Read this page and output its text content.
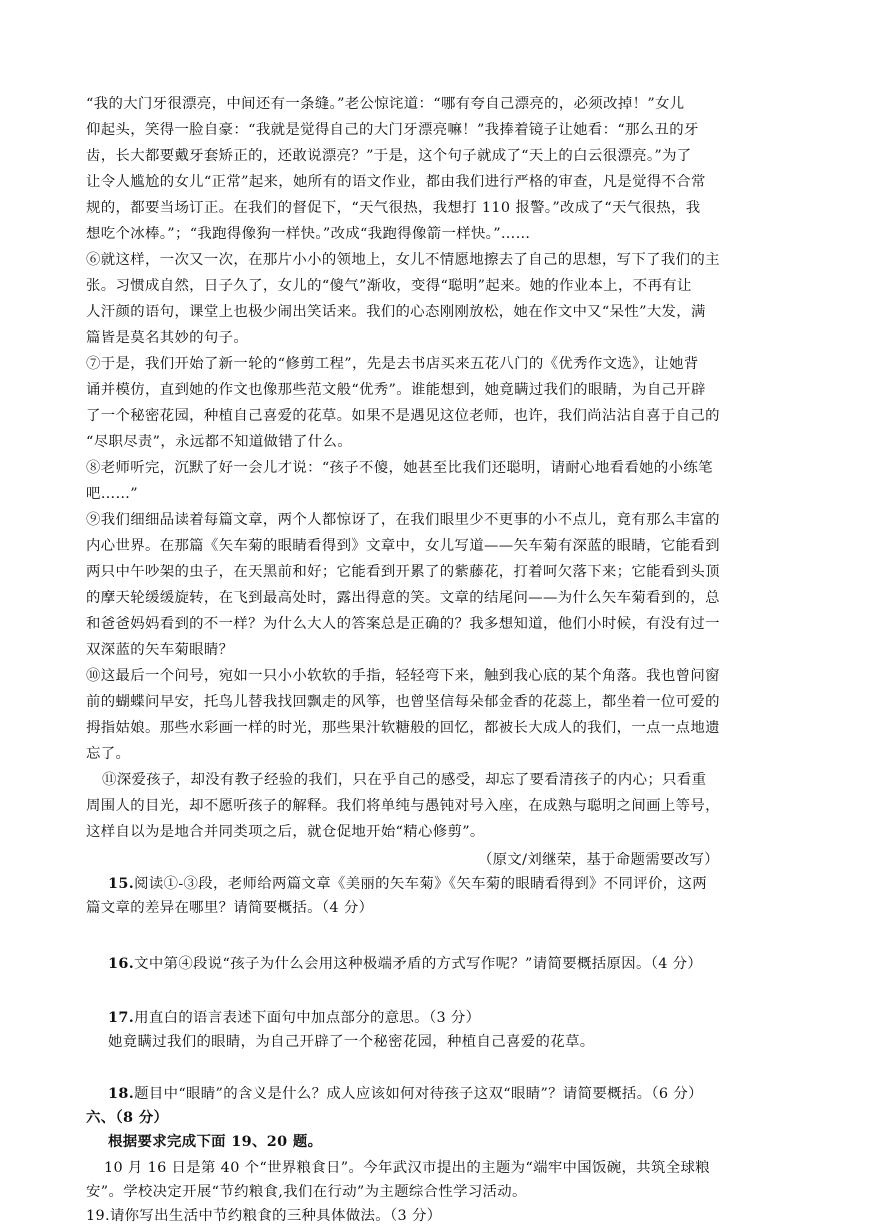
“我的大门牙很漂亮，中间还有一条缝。”老公惊诧道：“哪有夸自己漂亮的，必须改掉！”女儿
仰起头，笑得一脸自豪：“我就是觉得自己的大门牙漂亮嘛！”我捧着镜子让她看：“那么丑的牙
齿，长大都要戴牙套矫正的，还敢说漂亮？”于是，这个句子就成了“天上的白云很漂亮。”为了
让令人尴尬的女儿“正常”起来，她所有的语文作业，都由我们进行严格的审查，凡是觉得不合常
规的，都要当场订正。在我们的督促下，“天气很热，我想打 110 报警。”改成了“天气很热，我
想吃个冰棒。”；“我跑得像狗一样快。”改成“我跑得像箭一样快。”……
⑥就这样，一次又一次，在那片小小的领地上，女儿不情愿地擦去了自己的思想，写下了我们的主
张。习惯成自然，日子久了，女儿的“傻气”渐收，变得“聪明”起来。她的作业本上，不再有让
人汗颜的语句，课堂上也极少闹出笑话来。我们的心态刚刚放松，她在作文中又“呆性”大发，满
篇皆是莫名其妙的句子。
⑦于是，我们开始了新一轮的“修剪工程”，先是去书店买来五花八门的《优秀作文选》，让她背
诵并模仿，直到她的作文也像那些范文般“优秀”。谁能想到，她竟瞒过我们的眼睛，为自己开辟
了一个秘密花园，种植自己喜爱的花草。如果不是遇见这位老师，也许，我们尚沾沾自喜于自己的
“尽职尽责”，永远都不知道做错了什么。
⑧老师听完，沉默了好一会儿才说：“孩子不傻，她甚至比我们还聪明，请耐心地看看她的小练笔
吧……”
⑨我们细细品读着每篇文章，两个人都惊讶了，在我们眼里少不更事的小不点儿，竟有那么丰富的
内心世界。在那篇《矢车菊的眼睛看得到》文章中，女儿写道——矢车菊有深蓝的眼睛，它能看到
两只中午吵架的虫子，在天黑前和好；它能看到开累了的紫藤花，打着呵欠落下来；它能看到头顶
的摩天轮缓缓旋转，在飞到最高处时，露出得意的笑。文章的结尾问——为什么矢车菊看到的，总
和爸爸妈妈看到的不一样？为什么大人的答案总是正确的？我多想知道，他们小时候，有没有过一
双深蓝的矢车菊眼睛？
⑩这最后一个问号，宛如一只小小软软的手指，轻轻弯下来，触到我心底的某个角落。我也曾问窗
前的蝴蝶问早安，托鸟儿替我找回飘走的风筝，也曾坚信每朵郁金香的花蕊上，都坐着一位可爱的
拇指姑娘。那些水彩画一样的时光，那些果汁软糖般的回忆，都被长大成人的我们，一点一点地遗
忘了。
⑪深爱孩子，却没有教子经验的我们，只在乎自己的感受，却忘了要看清孩子的内心；只看重
周围人的目光，却不愿听孩子的解释。我们将单纯与愚钝对号入座，在成熟与聪明之间画上等号，
这样自以为是地合并同类项之后，就仓促地开始“精心修剪”。
（原文/刘继荣，基于命题需要改写）
15.阅读①-③段，老师给两篇文章《美丽的矢车菊》《矢车菊的眼睛看得到》不同评价，这两
篇文章的差异在哪里？请简要概括。（4 分）
16.文中第④段说“孩子为什么会用这种极端矛盾的方式写作呢？”请简要概括原因。（4 分）
17.用直白的语言表述下面句中加点部分的意思。（3 分）
她竟瞒过我们的眼睛，为自己开辟了一个秘密花园，种植自己喜爱的花草。
18.题目中“眼睛”的含义是什么？成人应该如何对待孩子这双“眼睛”？请简要概括。（6 分）
六、（8 分）
根据要求完成下面 19、20 题。
10 月 16 日是第 40 个“世界粮食日”。今年武汉市提出的主题为“端牢中国饭碗，共筑全球粮
安”。学校决定开展“节约粮食,我们在行动”为主题综合性学习活动。
19.请你写出生活中节约粮食的三种具体做法。（3 分）
